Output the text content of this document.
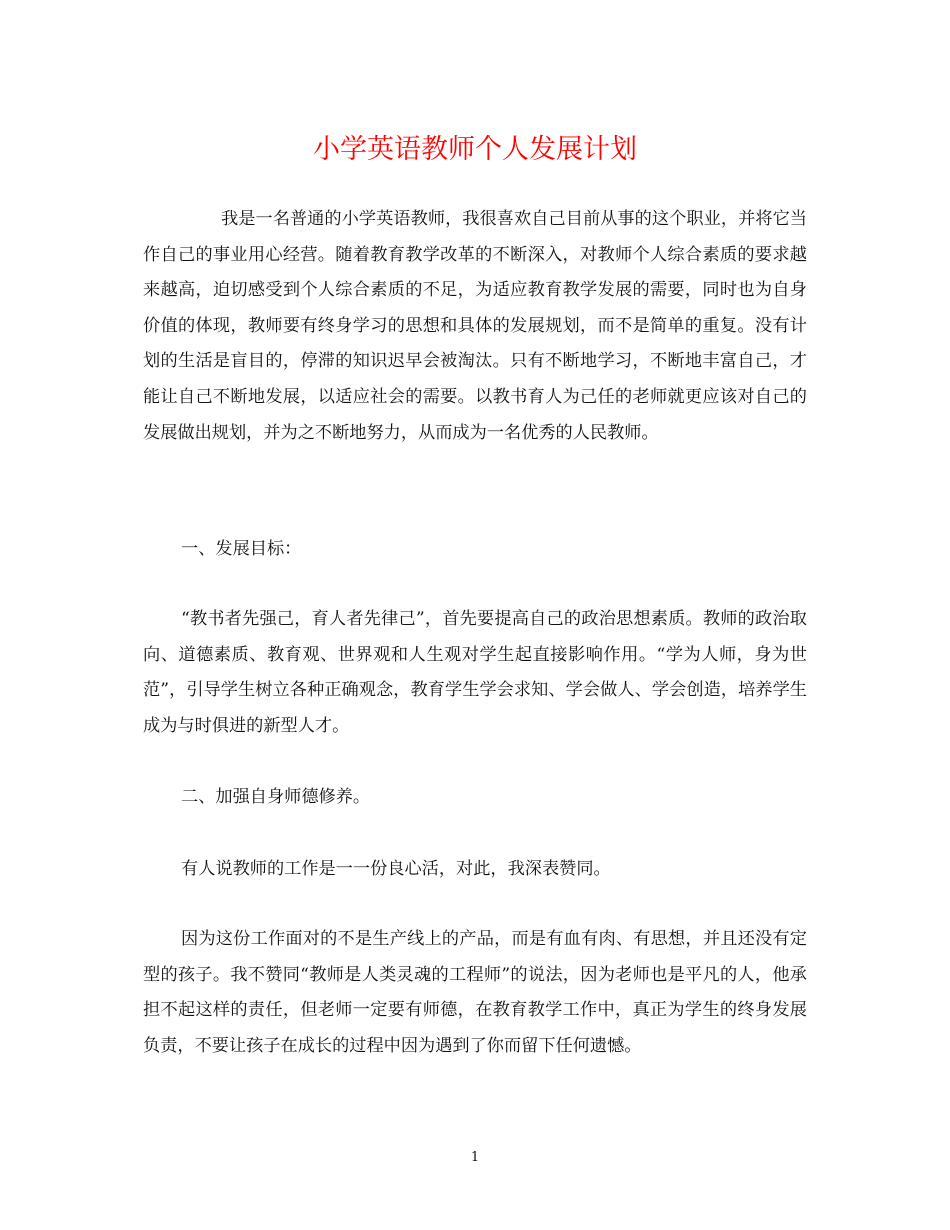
小学英语教师个人发展计划

我是一名普通的小学英语教师，我很喜欢自己目前从事的这个职业，并将它当作自己的事业用心经营。随着教育教学改革的不断深入，对教师个人综合素质的要求越来越高，迫切感受到个人综合素质的不足，为适应教育教学发展的需要，同时也为自身价值的体现，教师要有终身学习的思想和具体的发展规划，而不是简单的重复。没有计划的生活是盲目的，停滞的知识迟早会被淘汰。只有不断地学习，不断地丰富自己，才能让自己不断地发展，以适应社会的需要。以教书育人为己任的老师就更应该对自己的发展做出规划，并为之不断地努力，从而成为一名优秀的人民教师。

一、发展目标：

“教书者先强己，育人者先律己”，首先要提高自己的政治思想素质。教师的政治取向、道德素质、教育观、世界观和人生观对学生起直接影响作用。“学为人师，身为世范”，引导学生树立各种正确观念，教育学生学会求知、学会做人、学会创造，培养学生成为与时俱进的新型人才。

二、加强自身师德修养。

有人说教师的工作是一一份良心活，对此，我深表赞同。

因为这份工作面对的不是生产线上的产品，而是有血有肉、有思想，并且还没有定型的孩子。我不赞同“教师是人类灵魂的工程师”的说法，因为老师也是平凡的人，他承担不起这样的责任，但老师一定要有师德，在教育教学工作中，真正为学生的终身发展负责，不要让孩子在成长的过程中因为遇到了你而留下任何遗憾。

1
